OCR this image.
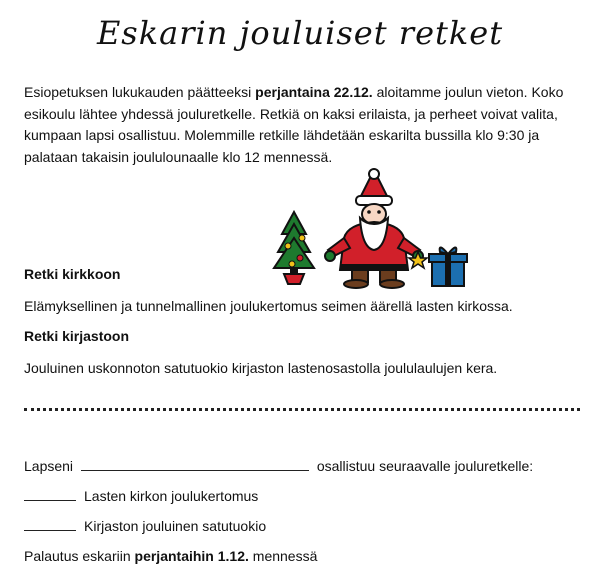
Eskarin jouluiset retket
Esiopetuksen lukukauden päätteeksi perjantaina 22.12. aloitamme joulun vieton. Koko esikoulu lähtee yhdessä jouluretkelle. Retkiä on kaksi erilaista, ja perheet voivat valita, kumpaan lapsi osallistuu. Molemmille retkille lähdetään eskarilta bussilla klo 9:30 ja palataan takaisin joululounaalle klo 12 mennessä.
Retki kirkkoon
Elämyksellinen ja tunnelmallinen joulukertomus seimen äärellä lasten kirkossa.
Retki kirjastoon
Jouluinen uskonnoton satutuokio kirjaston lastenosastolla joululaulujen kera.
Lapseni	osallistuu seuraavalle jouluretkelle:
Lasten kirkon joulukertomus
Kirjaston jouluinen satutuokio
Palautus eskariin perjantaihin 1.12. mennessä
